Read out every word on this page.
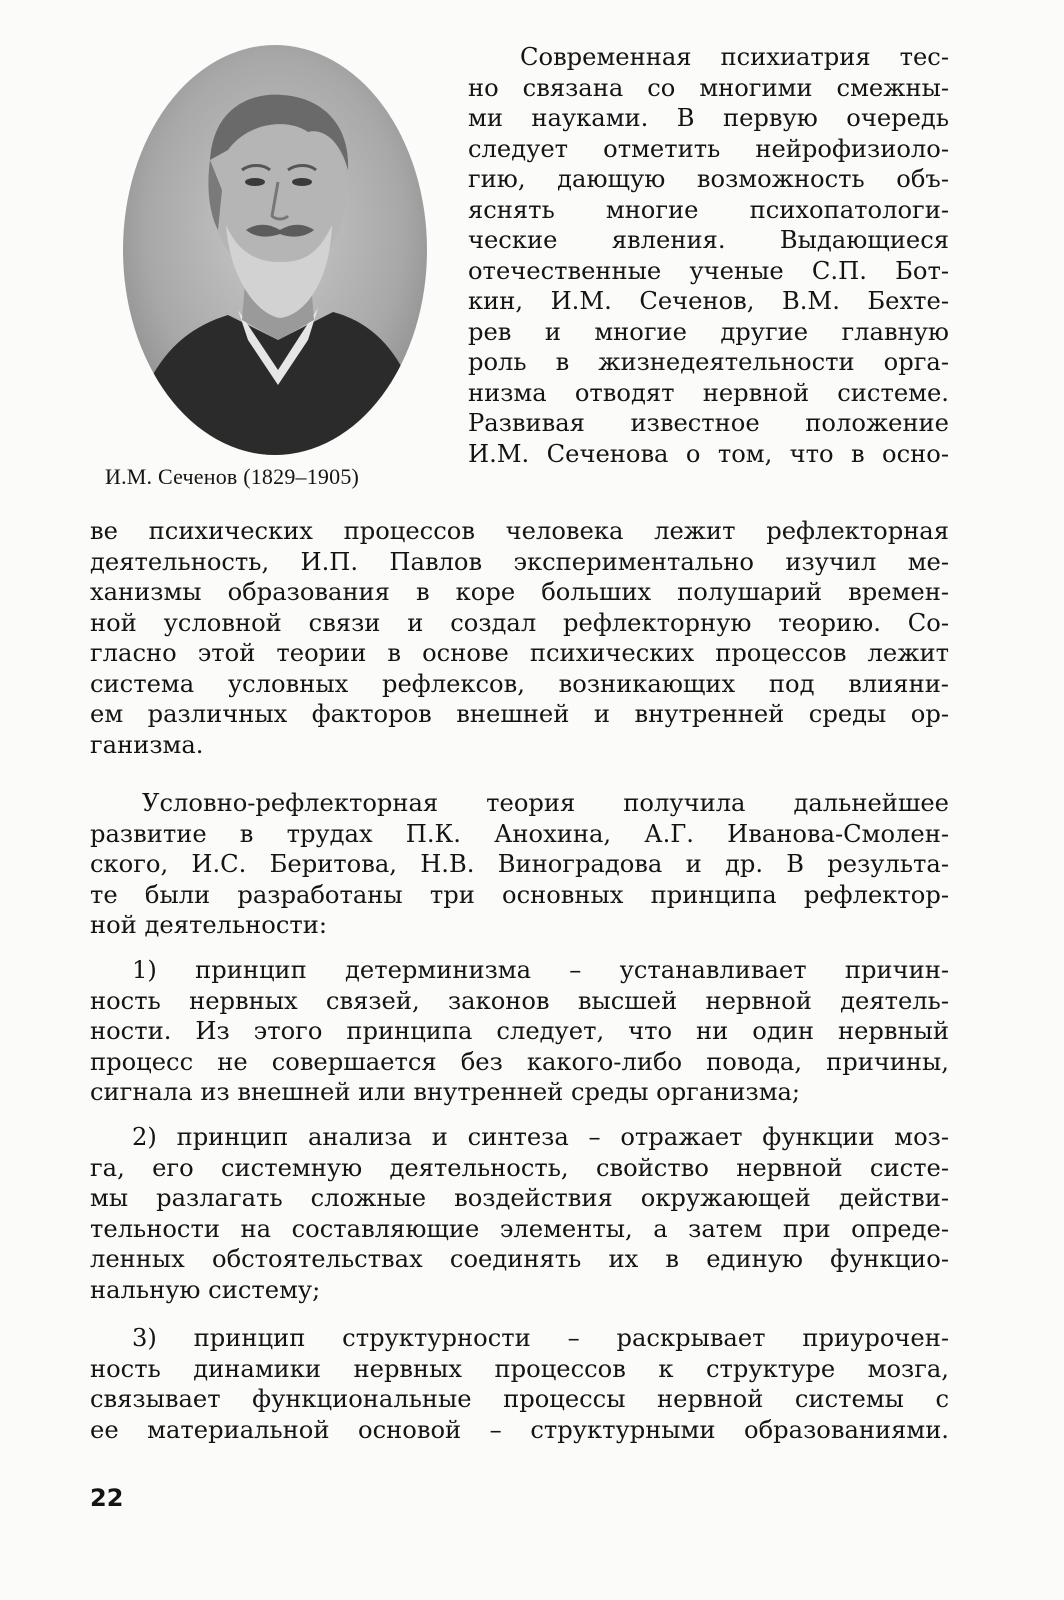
И.М. Сеченов (1829–1905)
Современная психиатрия тес-
но связана со многими смежны-
ми науками. В первую очередь
следует отметить нейрофизиоло-
гию, дающую возможность объ-
яснять многие психопатологи-
ческие явления. Выдающиеся
отечественные ученые С.П. Бот-
кин, И.М. Сеченов, В.М. Бехте-
рев и многие другие главную
роль в жизнедеятельности орга-
низма отводят нервной системе.
Развивая известное положение
И.М. Сеченова о том, что в осно-
ве психических процессов человека лежит рефлекторная
деятельность, И.П. Павлов экспериментально изучил ме-
ханизмы образования в коре больших полушарий времен-
ной условной связи и создал рефлекторную теорию. Со-
гласно этой теории в основе психических процессов лежит
система условных рефлексов, возникающих под влияни-
ем различных факторов внешней и внутренней среды ор-
ганизма.
Условно-рефлекторная теория получила дальнейшее
развитие в трудах П.К. Анохина, А.Г. Иванова-Смолен-
ского, И.С. Беритова, Н.В. Виноградова и др. В результа-
те были разработаны три основных принципа рефлектор-
ной деятельности:
1) принцип детерминизма – устанавливает причин-
ность нервных связей, законов высшей нервной деятель-
ности. Из этого принципа следует, что ни один нервный
процесс не совершается без какого-либо повода, причины,
сигнала из внешней или внутренней среды организма;
2) принцип анализа и синтеза – отражает функции моз-
га, его системную деятельность, свойство нервной систе-
мы разлагать сложные воздействия окружающей действи-
тельности на составляющие элементы, а затем при опреде-
ленных обстоятельствах соединять их в единую функцио-
нальную систему;
3) принцип структурности – раскрывает приурочен-
ность динамики нервных процессов к структуре мозга,
связывает функциональные процессы нервной системы с
ее материальной основой – структурными образованиями.
22
